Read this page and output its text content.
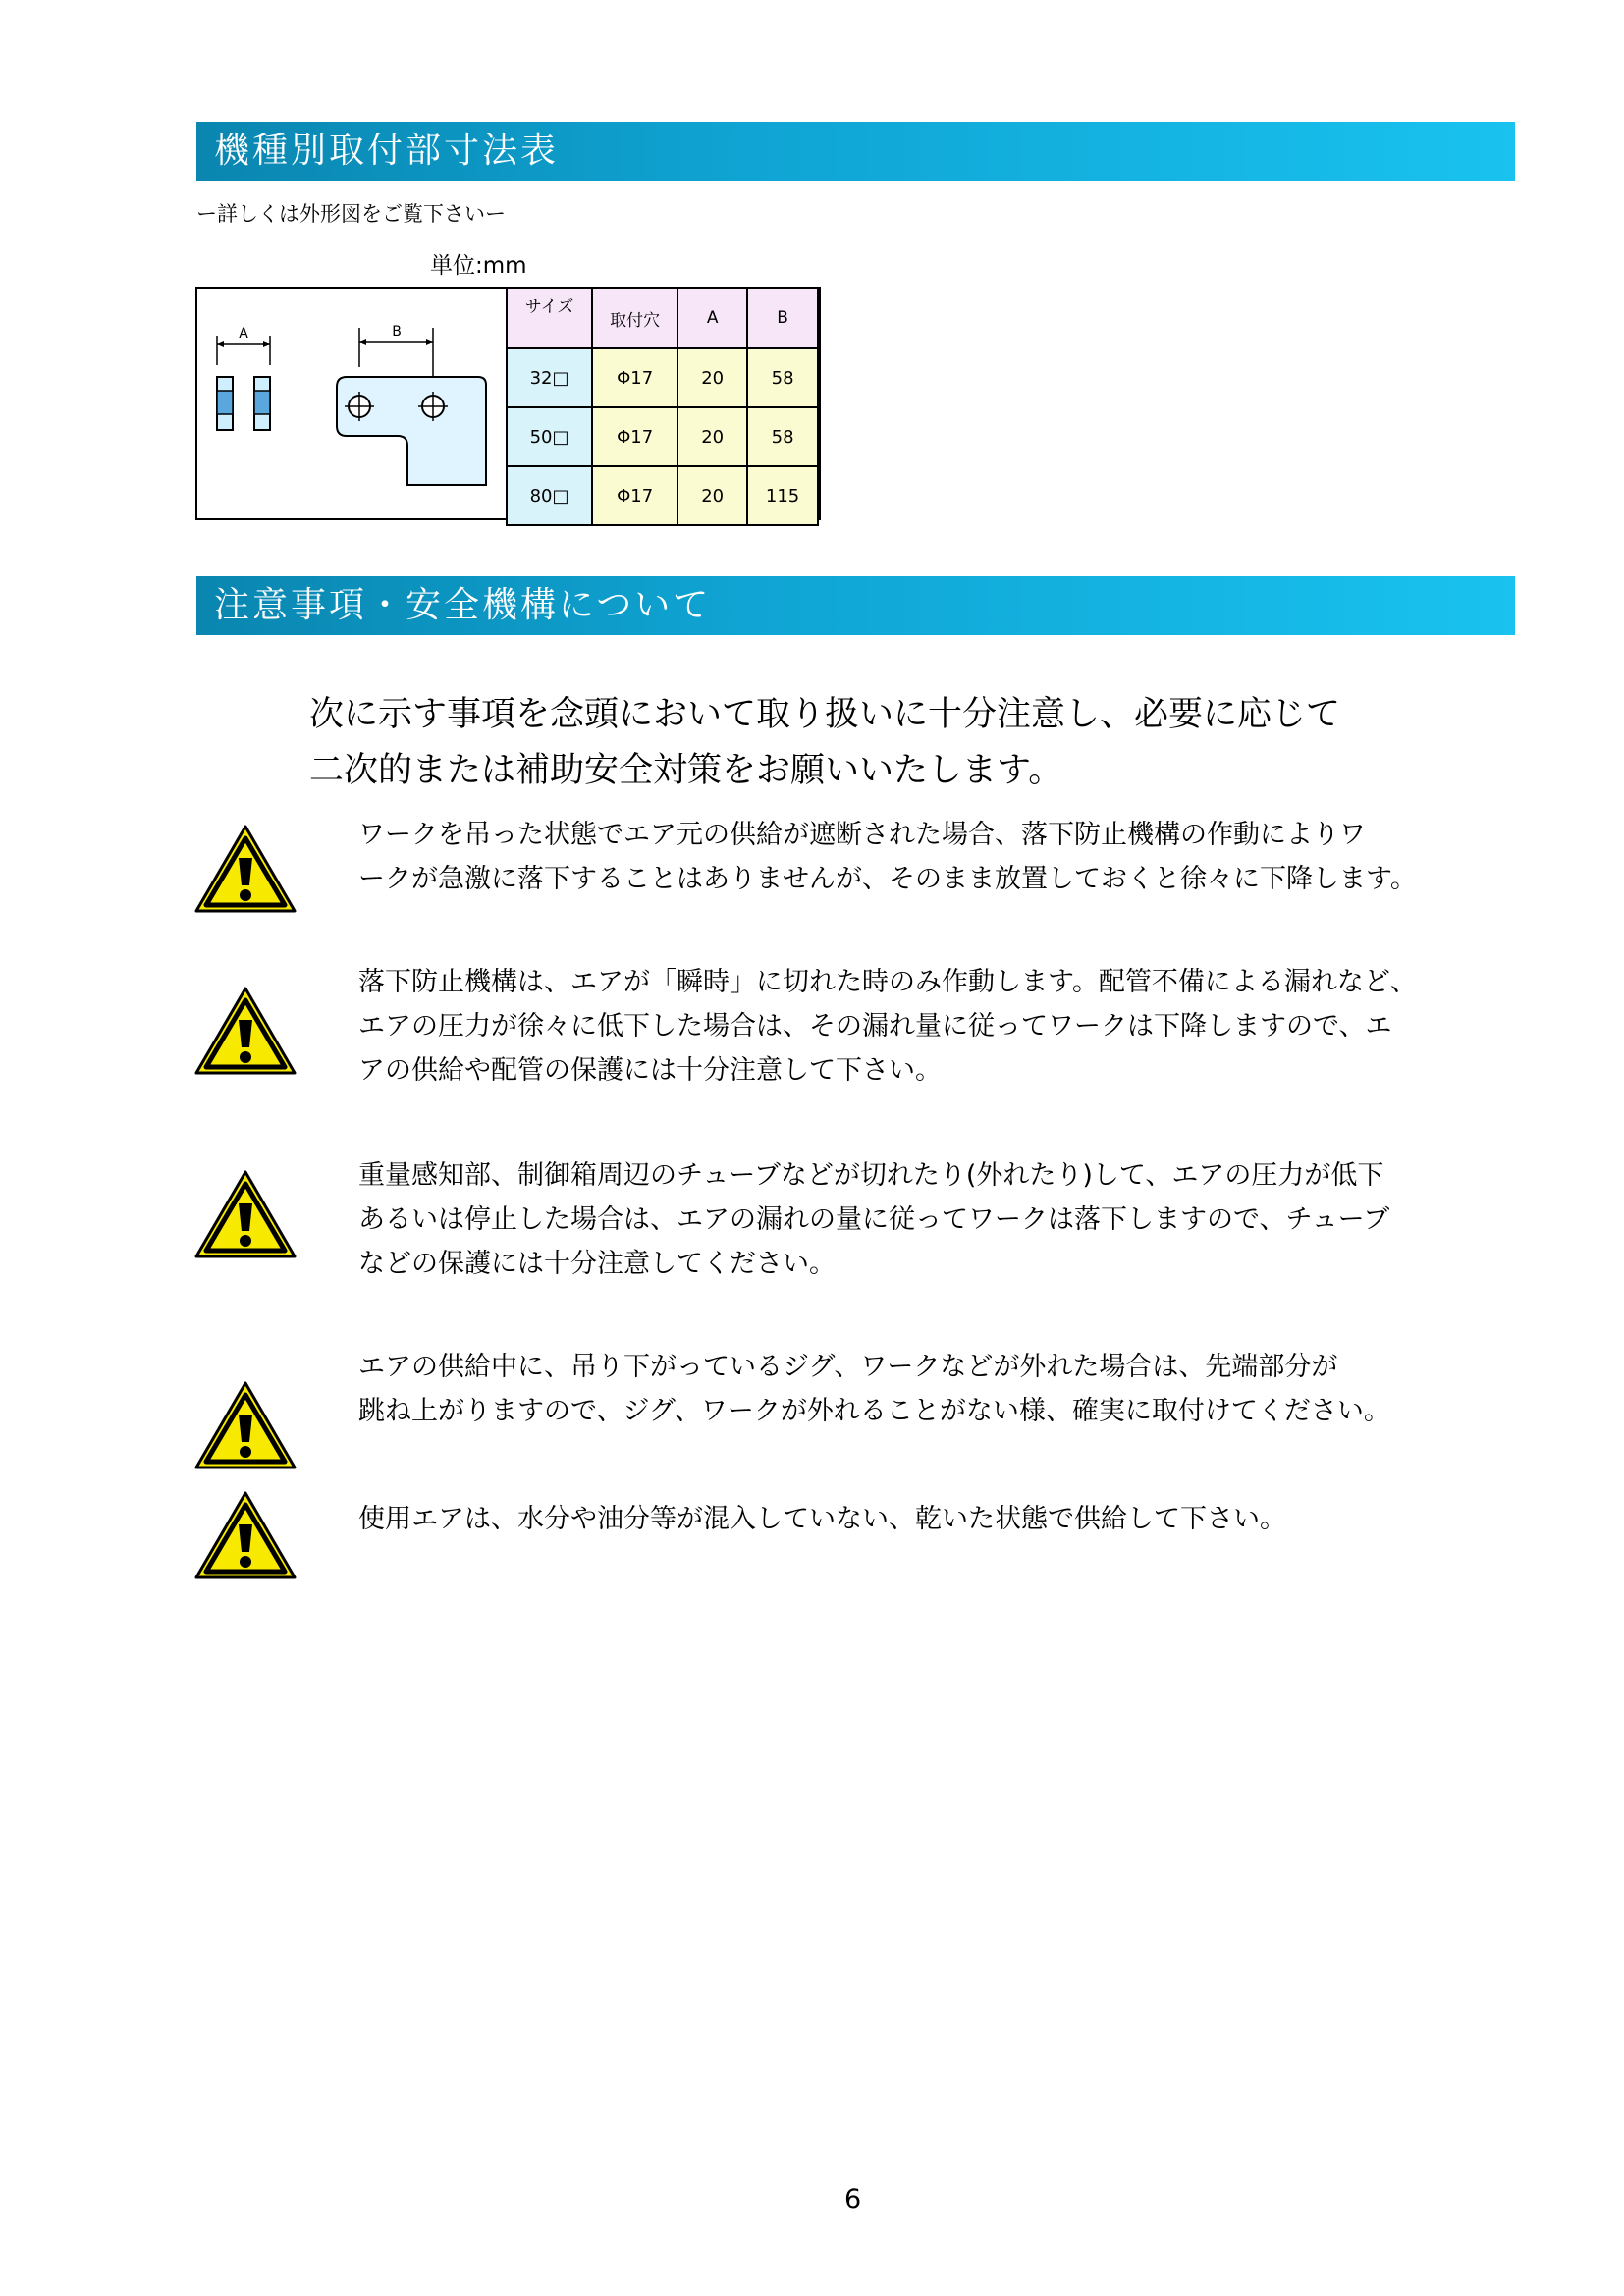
機種別取付部寸法表
ー詳しくは外形図をご覧下さいー
単位:mm
A	B
サイズ	取付穴	A	B
32□	Φ17	20	58
50□	Φ17	20	58
80□	Φ17	20	115
注意事項・安全機構について
次に示す事項を念頭において取り扱いに十分注意し、必要に応じて
二次的または補助安全対策をお願いいたします。
ワークを吊った状態でエア元の供給が遮断された場合、落下防止機構の作動によりワ
ークが急激に落下することはありませんが、そのまま放置しておくと徐々に下降します。
落下防止機構は、エアが「瞬時」に切れた時のみ作動します。配管不備による漏れなど、
エアの圧力が徐々に低下した場合は、その漏れ量に従ってワークは下降しますので、エ
アの供給や配管の保護には十分注意して下さい。
重量感知部、制御箱周辺のチューブなどが切れたり(外れたり)して、エアの圧力が低下
あるいは停止した場合は、エアの漏れの量に従ってワークは落下しますので、チューブ
などの保護には十分注意してください。
エアの供給中に、吊り下がっているジグ、ワークなどが外れた場合は、先端部分が
跳ね上がりますので、ジグ、ワークが外れることがない様、確実に取付けてください。
使用エアは、水分や油分等が混入していない、乾いた状態で供給して下さい。
6
